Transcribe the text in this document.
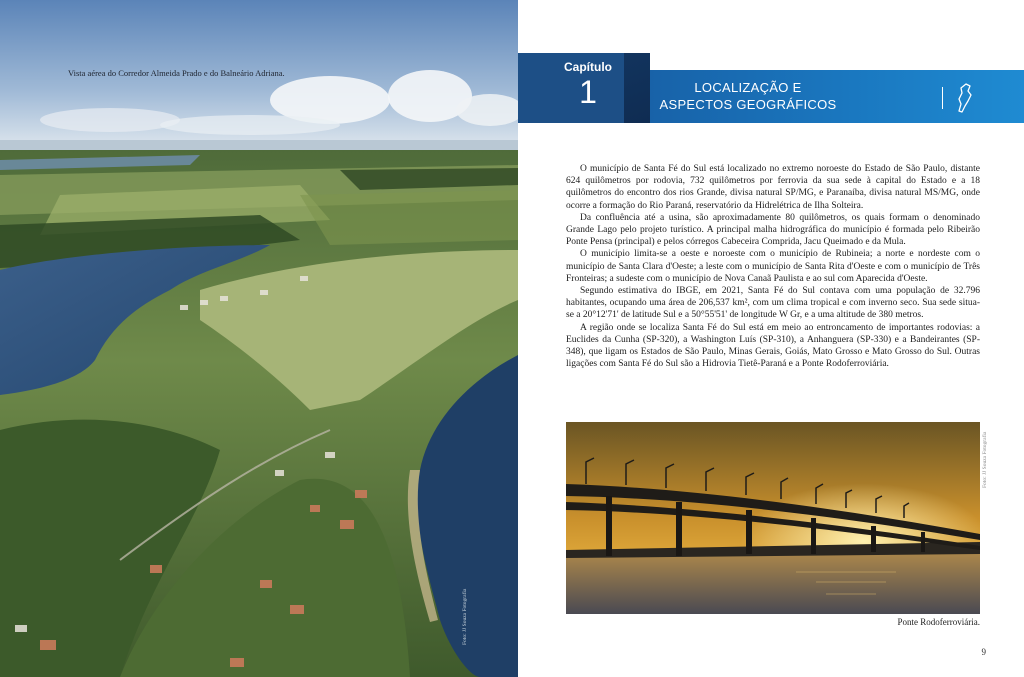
Vista aérea do Corredor Almeida Prado e do Balneário Adriana.
Foto: JJ Souza Fotografia
Capítulo
1	LOCALIZAÇÃO E
ASPECTOS GEOGRÁFICOS

O município de Santa Fé do Sul está localizado no extremo noroeste do Estado de São Paulo, distante 624 quilômetros por rodovia, 732 quilômetros por ferrovia da sua sede à capital do Estado e a 18 quilômetros do encontro dos rios Grande, divisa natural SP/MG, e Paranaíba, divisa natural MS/MG, onde ocorre a formação do Rio Paraná, reservatório da Hidrelétrica de Ilha Solteira.

Da confluência até a usina, são aproximadamente 80 quilômetros, os quais formam o denominado Grande Lago pelo projeto turístico. A principal malha hidrográfica do município é formada pelo Ribeirão Ponte Pensa (principal) e pelos córregos Cabeceira Comprida, Jacu Queimado e da Mula.

O município limita-se a oeste e noroeste com o município de Rubineia; a norte e nordeste com o município de Santa Clara d'Oeste; a leste com o município de Santa Rita d'Oeste e com o município de Três Fronteiras; a sudeste com o município de Nova Canaã Paulista e ao sul com Aparecida d'Oeste.

Segundo estimativa do IBGE, em 2021, Santa Fé do Sul contava com uma população de 32.796 habitantes, ocupando uma área de 206,537 km², com um clima tropical e com inverno seco. Sua sede situa-se a 20°12'71' de latitude Sul e a 50°55'51' de longitude W Gr, e a uma altitude de 380 metros.

A região onde se localiza Santa Fé do Sul está em meio ao entroncamento de importantes rodovias: a Euclides da Cunha (SP-320), a Washington Luís (SP-310), a Anhanguera (SP-330) e a Bandeirantes (SP-348), que ligam os Estados de São Paulo, Minas Gerais, Goiás, Mato Grosso e Mato Grosso do Sul. Outras ligações com Santa Fé do Sul são a Hidrovia Tietê-Paraná e a Ponte Rodoferroviária.

Foto: JJ Souza Fotografia
Ponte Rodoferroviária.
9
